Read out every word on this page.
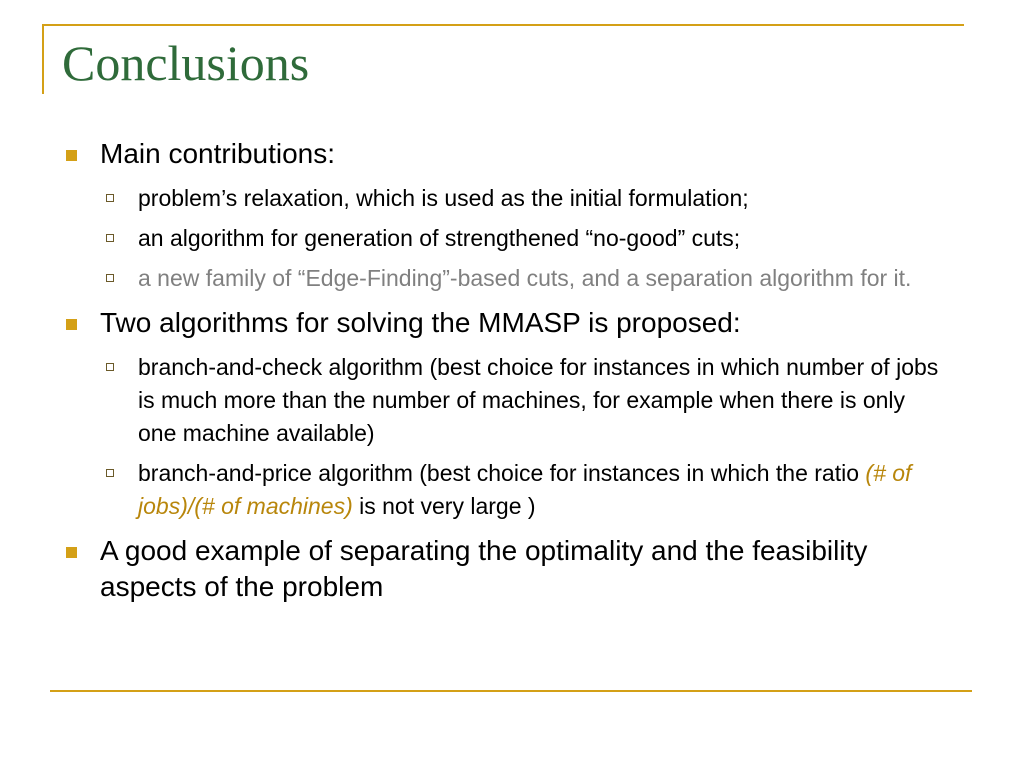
Conclusions
Main contributions:
problem’s relaxation, which is used as the initial formulation;
an algorithm for generation of strengthened “no-good” cuts;
a new family of “Edge-Finding”-based cuts, and a separation algorithm for it.
Two algorithms for solving the MMASP is proposed:
branch-and-check algorithm (best choice for instances in which number of jobs is much more than the number of machines, for example when there is only one machine available)
branch-and-price algorithm (best choice for instances in which the ratio (# of jobs)/(# of machines) is not very large )
A good example of separating the optimality and the feasibility aspects of the problem
